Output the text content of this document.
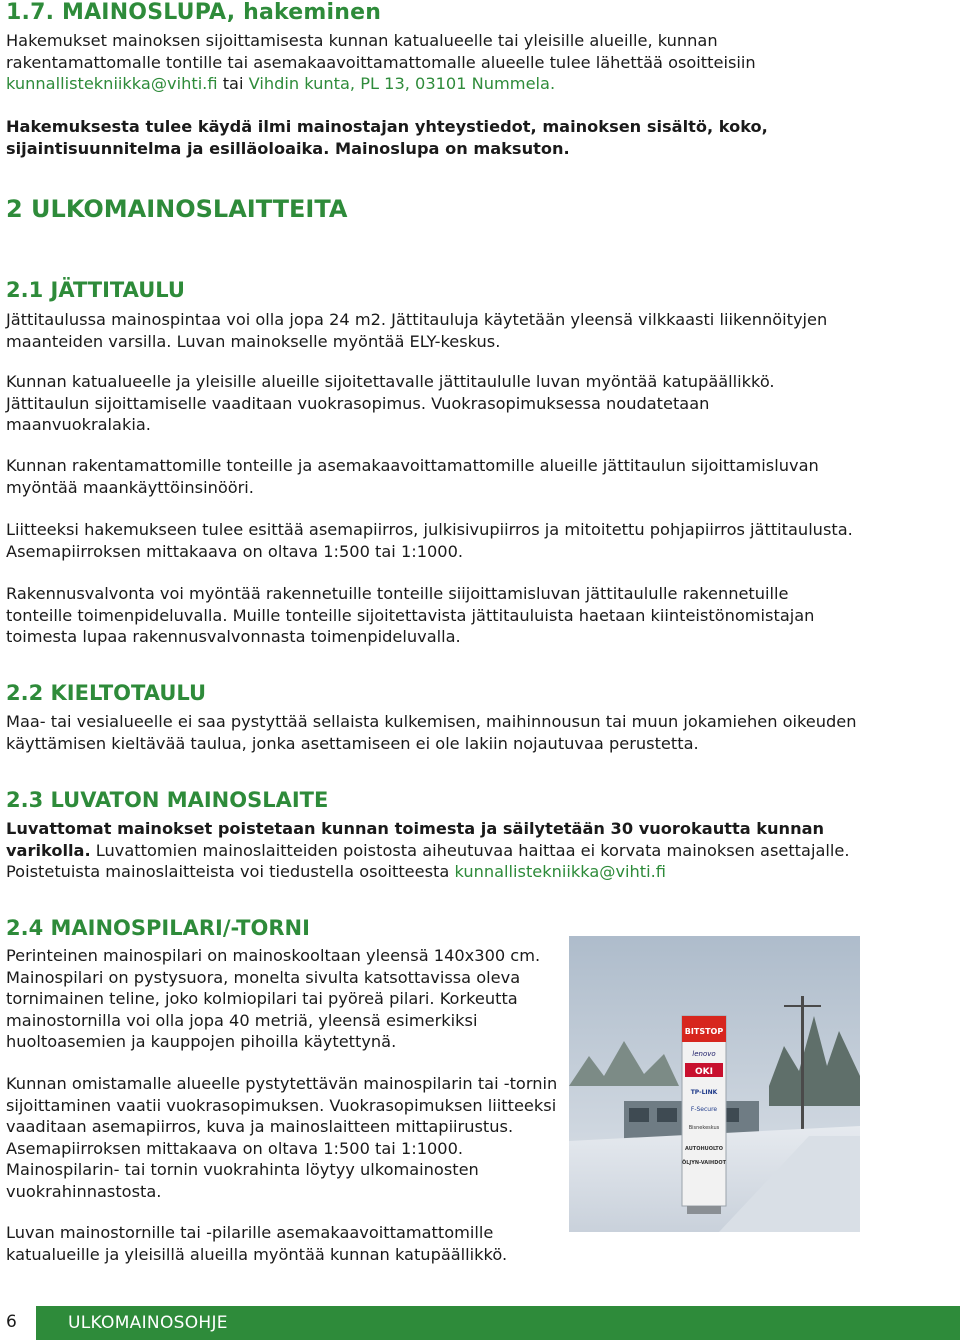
1.7. MAINOSLUPA, hakeminen

Hakemukset mainoksen sijoittamisesta kunnan katualueelle tai yleisille alueille, kunnan rakentamattomalle tontille tai asemakaavoittamattomalle alueelle tulee lähettää osoitteisiin kunnallistekniikka@vihti.fi tai Vihdin kunta, PL 13, 03101 Nummela.

Hakemuksesta tulee käydä ilmi mainostajan yhteystiedot, mainoksen sisältö, koko, sijaintisuunnitelma ja esilläoloaika. Mainoslupa on maksuton.

2 ULKOMAINOSLAITTEITA
2.1 JÄTTITAULU

Jättitaulussa mainospintaa voi olla jopa 24 m2. Jättitauluja käytetään yleensä vilkkaasti liikennöityjen maanteiden varsilla. Luvan mainokselle myöntää ELY-keskus.

Kunnan katualueelle ja yleisille alueille sijoitettavalle jättitaululle luvan myöntää katupäällikkö. Jättitaulun sijoittamiselle vaaditaan vuokrasopimus. Vuokrasopimuksessa noudatetaan maanvuokralakia.

Kunnan rakentamattomille tonteille ja asemakaavoittamattomille alueille jättitaulun sijoittamisluvan myöntää maankäyttöinsinööri.

Liitteeksi hakemukseen tulee esittää asemapiirros, julkisivupiirros ja mitoitettu pohjapiirros jättitaulusta. Asemapiirroksen mittakaava on oltava 1:500 tai 1:1000.

Rakennusvalvonta voi myöntää rakennetuille tonteille siijoittamisluvan jättitaululle rakennetuille tonteille toimenpideluvalla. Muille tonteille sijoitettavista jättitauluista haetaan kiinteistönomistajan toimesta lupaa rakennusvalvonnasta toimenpideluvalla.

2.2 KIELTOTAULU

Maa- tai vesialueelle ei saa pystyttää sellaista kulkemisen, maihinnousun tai muun jokamiehen oikeuden käyttämisen kieltävää taulua, jonka asettamiseen ei ole lakiin nojautuvaa perustetta.

2.3 LUVATON MAINOSLAITE

Luvattomat mainokset poistetaan kunnan toimesta ja säilytetään 30 vuorokautta kunnan varikolla. Luvattomien mainoslaitteiden poistosta aiheutuvaa haittaa ei korvata mainoksen asettajalle. Poistetuista mainoslaitteista voi tiedustella osoitteesta kunnallistekniikka@vihti.fi

2.4 MAINOSPILARI/-TORNI

Perinteinen mainospilari on mainoskooltaan yleensä 140x300 cm. Mainospilari on pystysuora, monelta sivulta katsottavissa oleva tornimainen teline, joko kolmiopilari tai pyöreä pilari. Korkeutta mainostornilla voi olla jopa 40 metriä, yleensä esimerkiksi huoltoasemien ja kauppojen pihoilla käytettynä.

Kunnan omistamalle alueelle pystytettävän mainospilarin tai -tornin sijoittaminen vaatii vuokrasopimuksen. Vuokrasopimuksen liitteeksi vaaditaan asemapiirros, kuva ja mainoslaitteen mittapiirustus. Asemapiirroksen mittakaava on oltava 1:500 tai 1:1000. Mainospilarin- tai tornin vuokrahinta löytyy ulkomainosten vuokrahinnastosta.

Luvan mainostornille tai -pilarille asemakaavoittamattomille katualueille ja yleisillä alueilla myöntää kunnan katupäällikkö.

BITSTOP
lenovo
OKI
TP-LINK
F-Secure
Bisnekeskus
AUTOHUOLTO
ÖLJYN-VAIHDOT
6	ULKOMAINOSOHJE
